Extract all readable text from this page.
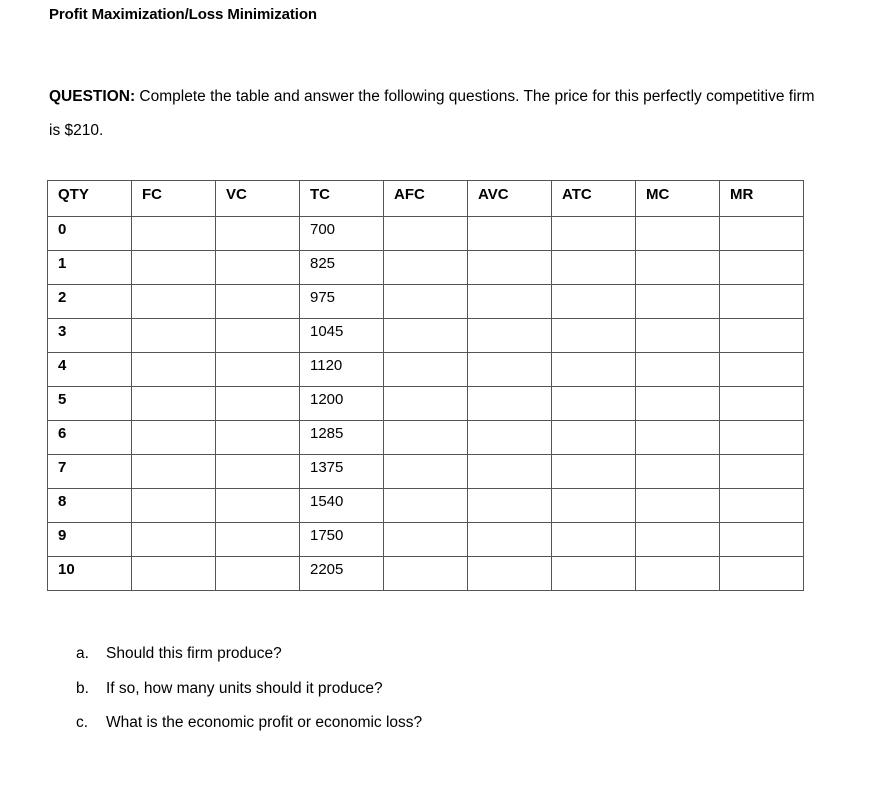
Profit Maximization/Loss Minimization
QUESTION: Complete the table and answer the following questions. The price for this perfectly competitive firm is $210.
QTY	FC	VC	TC	AFC	AVC	ATC	MC	MR
0			700					
1			825					
2			975					
3			1045					
4			1120					
5			1200					
6			1285					
7			1375					
8			1540					
9			1750					
10			2205					
a.	Should this firm produce?
b.	If so, how many units should it produce?
c.	What is the economic profit or economic loss?
